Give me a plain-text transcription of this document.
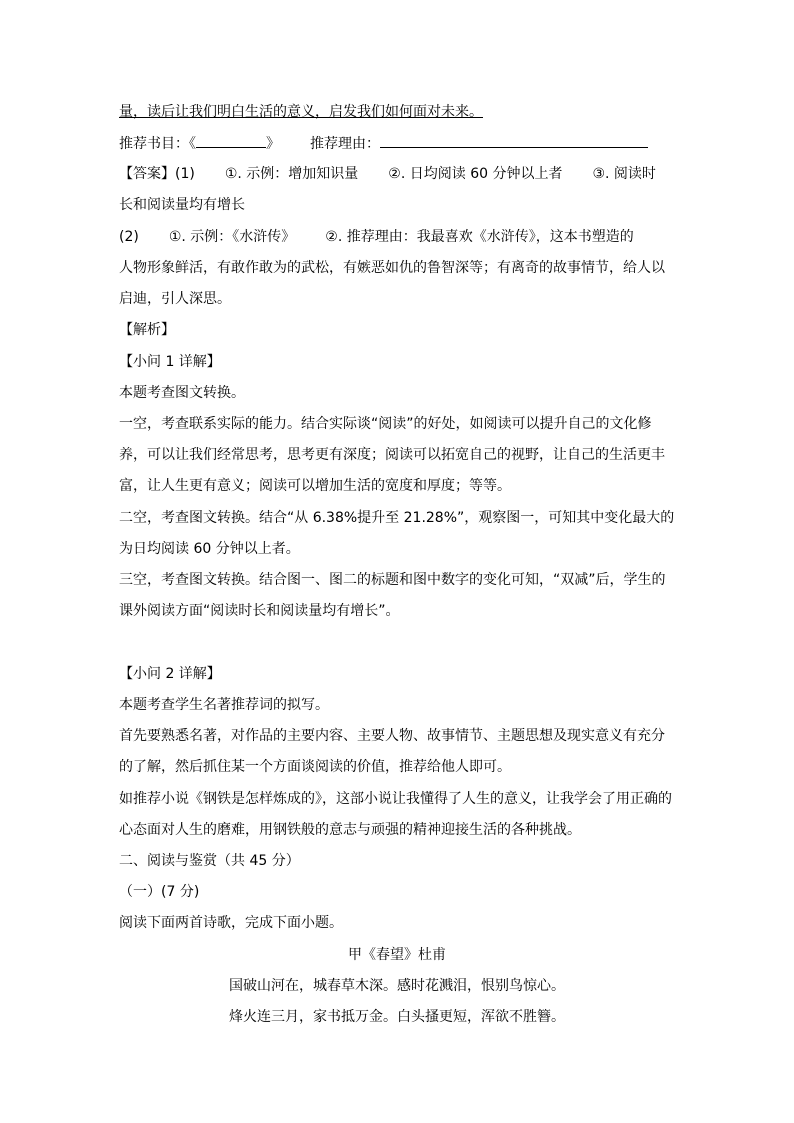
量，读后让我们明白生活的意义，启发我们如何面对未来。
推荐书目：《	》 推荐理由：
【答案】(1) ①. 示例：增加知识量 ②. 日均阅读 60 分钟以上者 ③. 阅读时
长和阅读量均有增长
(2) ①. 示例：《水浒传》 ②. 推荐理由：我最喜欢《水浒传》，这本书塑造的
人物形象鲜活，有敢作敢为的武松，有嫉恶如仇的鲁智深等；有离奇的故事情节，给人以
启迪，引人深思。
【解析】
【小问 1 详解】
本题考查图文转换。
一空，考查联系实际的能力。结合实际谈“阅读”的好处，如阅读可以提升自己的文化修
养，可以让我们经常思考，思考更有深度；阅读可以拓宽自己的视野，让自己的生活更丰
富，让人生更有意义；阅读可以增加生活的宽度和厚度；等等。
二空，考查图文转换。结合“从 6.38%提升至 21.28%”，观察图一，可知其中变化最大的
为日均阅读 60 分钟以上者。
三空，考查图文转换。结合图一、图二的标题和图中数字的变化可知，“双减”后，学生的
课外阅读方面“阅读时长和阅读量均有增长”。
【小问 2 详解】
本题考查学生名著推荐词的拟写。
首先要熟悉名著，对作品的主要内容、主要人物、故事情节、主题思想及现实意义有充分
的了解，然后抓住某一个方面谈阅读的价值，推荐给他人即可。
如推荐小说《钢铁是怎样炼成的》，这部小说让我懂得了人生的意义，让我学会了用正确的
心态面对人生的磨难，用钢铁般的意志与顽强的精神迎接生活的各种挑战。
二、阅读与鉴赏（共 45 分）
（一）(7 分)
阅读下面两首诗歌，完成下面小题。
甲《春望》杜甫
国破山河在，城春草木深。感时花溅泪，恨别鸟惊心。
烽火连三月，家书抵万金。白头搔更短，浑欲不胜簪。
